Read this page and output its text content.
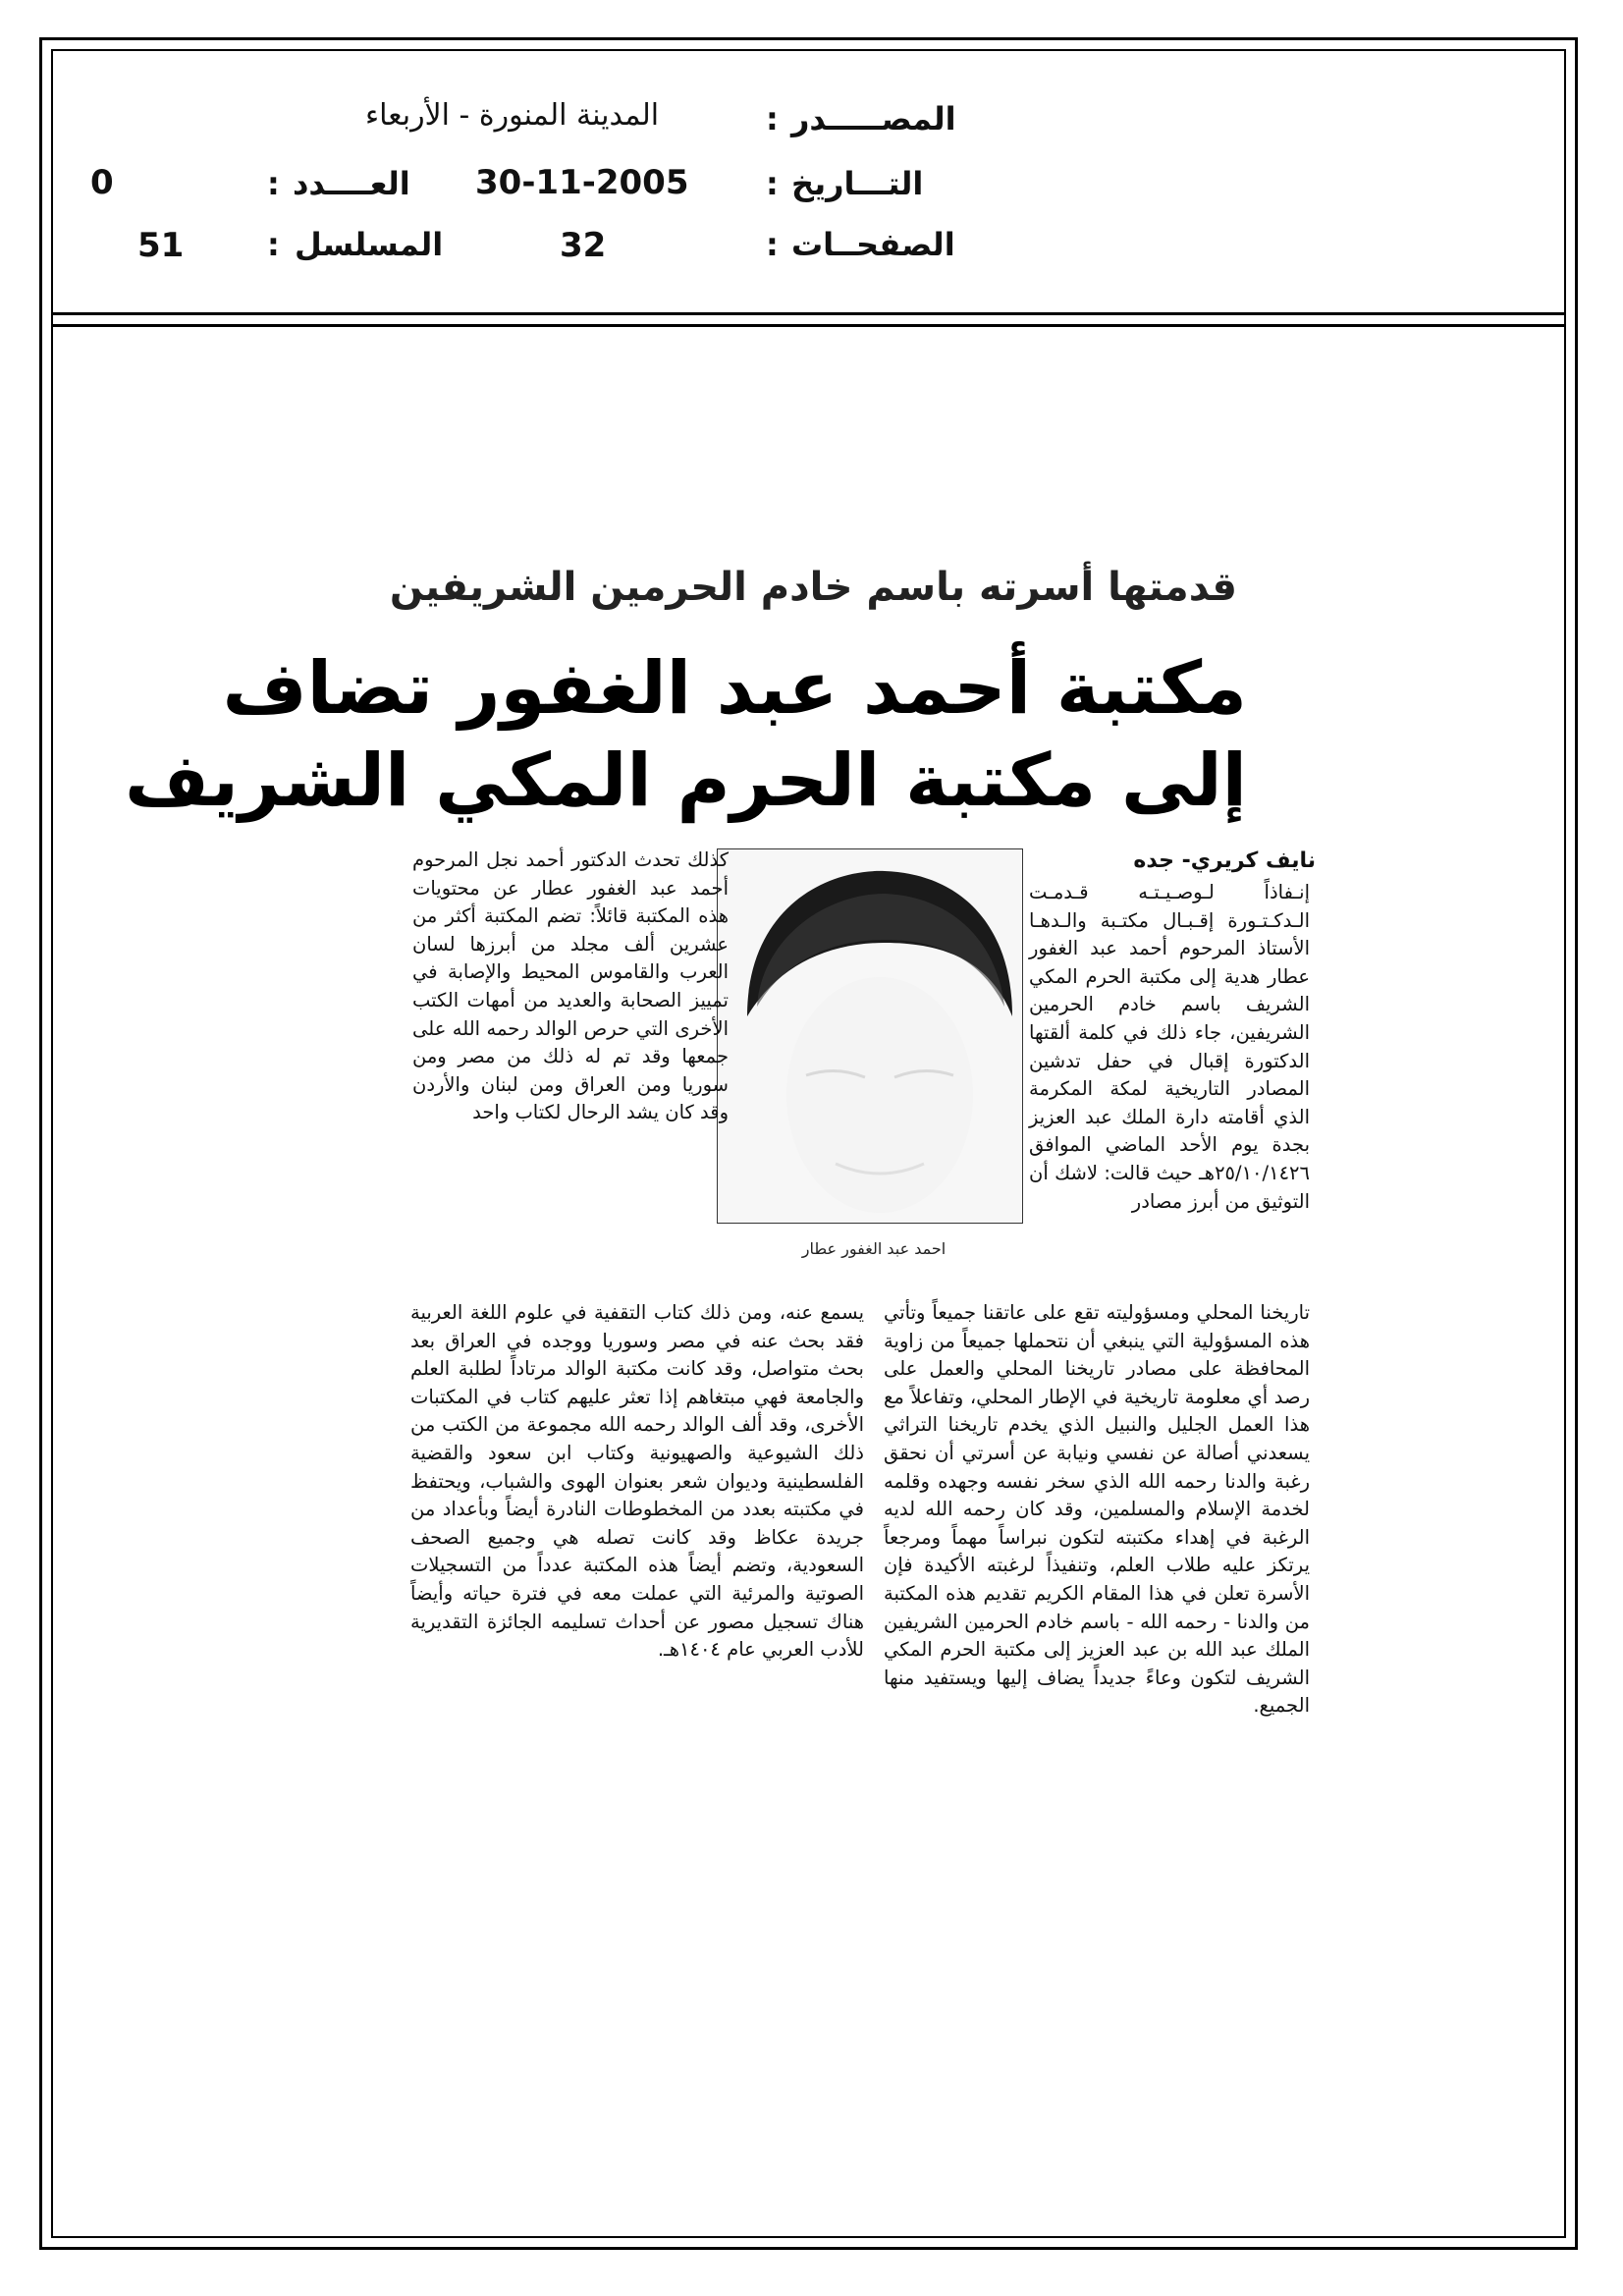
المصـــــدر
:
المدينة المنورة - الأربعاء
التـــاريخ
:
30-11-2005
العــــدد
:
0
الصفحــات
:
32
المسلسل
:
51
قدمتها أسرته باسم خادم الحرمين الشريفين
مكتبة أحمد عبد الغفور تضاف
إلى مكتبة الحرم المكي الشريف
نايف كريري- جده
احمد عبد الغفور عطار

إنـفاذاً لـوصـيـتـه قـدمـت الـدكـتـورة إقـبـال مكتـبة والـدهـا الأستاذ المرحوم أحمد عبد الغفور عطار هدية إلى مكتبة الحرم المكي الشريف باسم خادم الحرمين الشريفين، جاء ذلك في كلمة ألقتها الدكتورة إقبال في حفل تدشين المصادر التاريخية لمكة المكرمة الذي أقامته دارة الملك عبد العزيز بجدة يوم الأحد الماضي الموافق ٢٥/١٠/١٤٢٦هـ حيث قالت: لاشك أن التوثيق من أبرز مصادر

كذلك تحدث الدكتور أحمد نجل المرحوم أحمد عبد الغفور عطار عن محتويات هذه المكتبة قائلاً: تضم المكتبة أكثر من عشرين ألف مجلد من أبرزها لسان العرب والقاموس المحيط والإصابة في تمييز الصحابة والعديد من أمهات الكتب الأخرى التي حرص الوالد رحمه الله على جمعها وقد تم له ذلك من مصر ومن سوريا ومن العراق ومن لبنان والأردن وقد كان يشد الرحال لكتاب واحد

تاريخنا المحلي ومسؤوليته تقع على عاتقنا جميعاً وتأتي هذه المسؤولية التي ينبغي أن نتحملها جميعاً من زاوية المحافظة على مصادر تاريخنا المحلي والعمل على رصد أي معلومة تاريخية في الإطار المحلي، وتفاعلاً مع هذا العمل الجليل والنبيل الذي يخدم تاريخنا التراثي يسعدني أصالة عن نفسي ونيابة عن أسرتي أن نحقق رغبة والدنا رحمه الله الذي سخر نفسه وجهده وقلمه لخدمة الإسلام والمسلمين، وقد كان رحمه الله لديه الرغبة في إهداء مكتبته لتكون نبراساً مهماً ومرجعاً يرتكز عليه طلاب العلم، وتنفيذاً لرغبته الأكيدة فإن الأسرة تعلن في هذا المقام الكريم تقديم هذه المكتبة من والدنا - رحمه الله - باسم خادم الحرمين الشريفين الملك عبد الله بن عبد العزيز إلى مكتبة الحرم المكي الشريف لتكون وعاءً جديداً يضاف إليها ويستفيد منها الجميع.

يسمع عنه، ومن ذلك كتاب التقفية في علوم اللغة العربية فقد بحث عنه في مصر وسوريا ووجده في العراق بعد بحث متواصل، وقد كانت مكتبة الوالد مرتاداً لطلبة العلم والجامعة فهي مبتغاهم إذا تعثر عليهم كتاب في المكتبات الأخرى، وقد ألف الوالد رحمه الله مجموعة من الكتب من ذلك الشيوعية والصهيونية وكتاب ابن سعود والقضية الفلسطينية وديوان شعر بعنوان الهوى والشباب، ويحتفظ في مكتبته بعدد من المخطوطات النادرة أيضاً وبأعداد من جريدة عكاظ وقد كانت تصله هي وجميع الصحف السعودية، وتضم أيضاً هذه المكتبة عدداً من التسجيلات الصوتية والمرئية التي عملت معه في فترة حياته وأيضاً هناك تسجيل مصور عن أحداث تسليمه الجائزة التقديرية للأدب العربي عام ١٤٠٤هـ.
